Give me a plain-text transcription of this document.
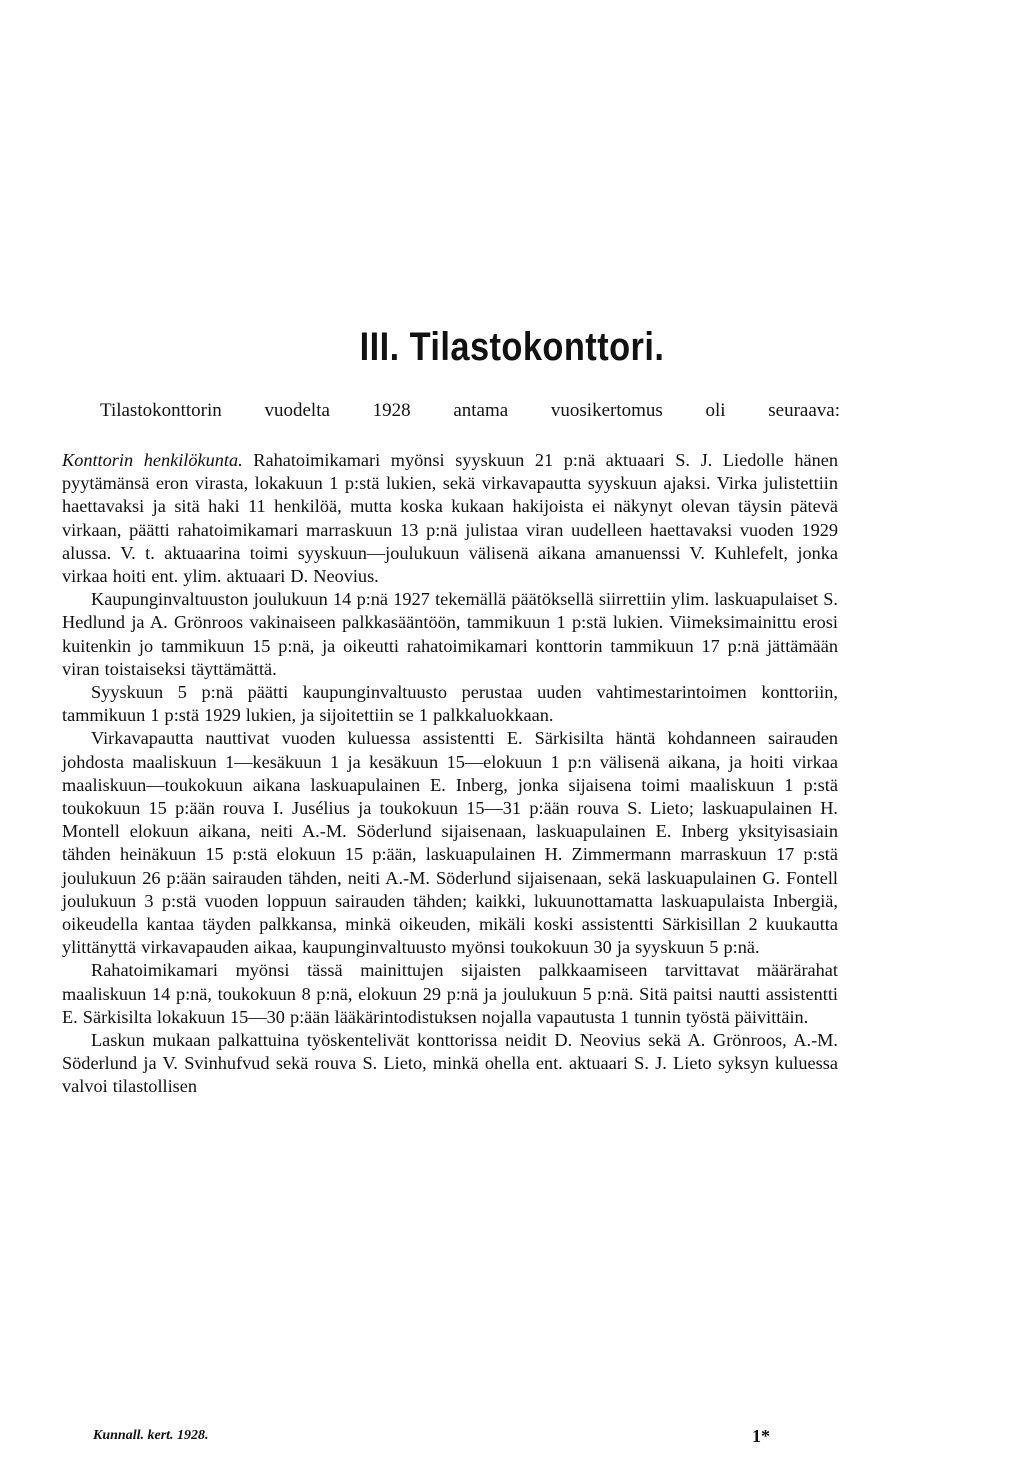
III. Tilastokonttori.
Tilastokonttorin vuodelta 1928 antama vuosikertomus oli seuraava:

Konttorin henkilökunta. Rahatoimikamari myönsi syyskuun 21 p:nä aktuaari S. J. Liedolle hänen pyytämänsä eron virasta, lokakuun 1 p:stä lukien, sekä virkavapautta syyskuun ajaksi. Virka julistettiin haettavaksi ja sitä haki 11 henkilöä, mutta koska kukaan hakijoista ei näkynyt olevan täysin pätevä virkaan, päätti rahatoimikamari marraskuun 13 p:nä julistaa viran uudelleen haettavaksi vuoden 1929 alussa. V. t. aktuaarina toimi syyskuun—joulukuun välisenä aikana amanuenssi V. Kuhlefelt, jonka virkaa hoiti ent. ylim. aktuaari D. Neovius.

Kaupunginvaltuuston joulukuun 14 p:nä 1927 tekemällä päätöksellä siirrettiin ylim. laskuapulaiset S. Hedlund ja A. Grönroos vakinaiseen palkkasääntöön, tammikuun 1 p:stä lukien. Viimeksimainittu erosi kuitenkin jo tammikuun 15 p:nä, ja oikeutti rahatoimikamari konttorin tammikuun 17 p:nä jättämään viran toistaiseksi täyttämättä.

Syyskuun 5 p:nä päätti kaupunginvaltuusto perustaa uuden vahtimestarintoimen konttoriin, tammikuun 1 p:stä 1929 lukien, ja sijoitettiin se 1 palkkaluokkaan.

Virkavapautta nauttivat vuoden kuluessa assistentti E. Särkisilta häntä kohdanneen sairauden johdosta maaliskuun 1—kesäkuun 1 ja kesäkuun 15—elokuun 1 p:n välisenä aikana, ja hoiti virkaa maaliskuun—toukokuun aikana laskuapulainen E. Inberg, jonka sijaisena toimi maaliskuun 1 p:stä toukokuun 15 p:ään rouva I. Jusélius ja toukokuun 15—31 p:ään rouva S. Lieto; laskuapulainen H. Montell elokuun aikana, neiti A.-M. Söderlund sijaisenaan, laskuapulainen E. Inberg yksityisasiain tähden heinäkuun 15 p:stä elokuun 15 p:ään, laskuapulainen H. Zimmermann marraskuun 17 p:stä joulukuun 26 p:ään sairauden tähden, neiti A.-M. Söderlund sijaisenaan, sekä laskuapulainen G. Fontell joulukuun 3 p:stä vuoden loppuun sairauden tähden; kaikki, lukuunottamatta laskuapulaista Inbergiä, oikeudella kantaa täyden palkkansa, minkä oikeuden, mikäli koski assistentti Särkisillan 2 kuukautta ylittänyttä virkavapauden aikaa, kaupunginvaltuusto myönsi toukokuun 30 ja syyskuun 5 p:nä.

Rahatoimikamari myönsi tässä mainittujen sijaisten palkkaamiseen tarvittavat määrärahat maaliskuun 14 p:nä, toukokuun 8 p:nä, elokuun 29 p:nä ja joulukuun 5 p:nä. Sitä paitsi nautti assistentti E. Särkisilta lokakuun 15—30 p:ään lääkärintodistuksen nojalla vapautusta 1 tunnin työstä päivittäin.

Laskun mukaan palkattuina työskentelivät konttorissa neidit D. Neovius sekä A. Grönroos, A.-M. Söderlund ja V. Svinhufvud sekä rouva S. Lieto, minkä ohella ent. aktuaari S. J. Lieto syksyn kuluessa valvoi tilastollisen

Kunnall. kert. 1928.	1*
